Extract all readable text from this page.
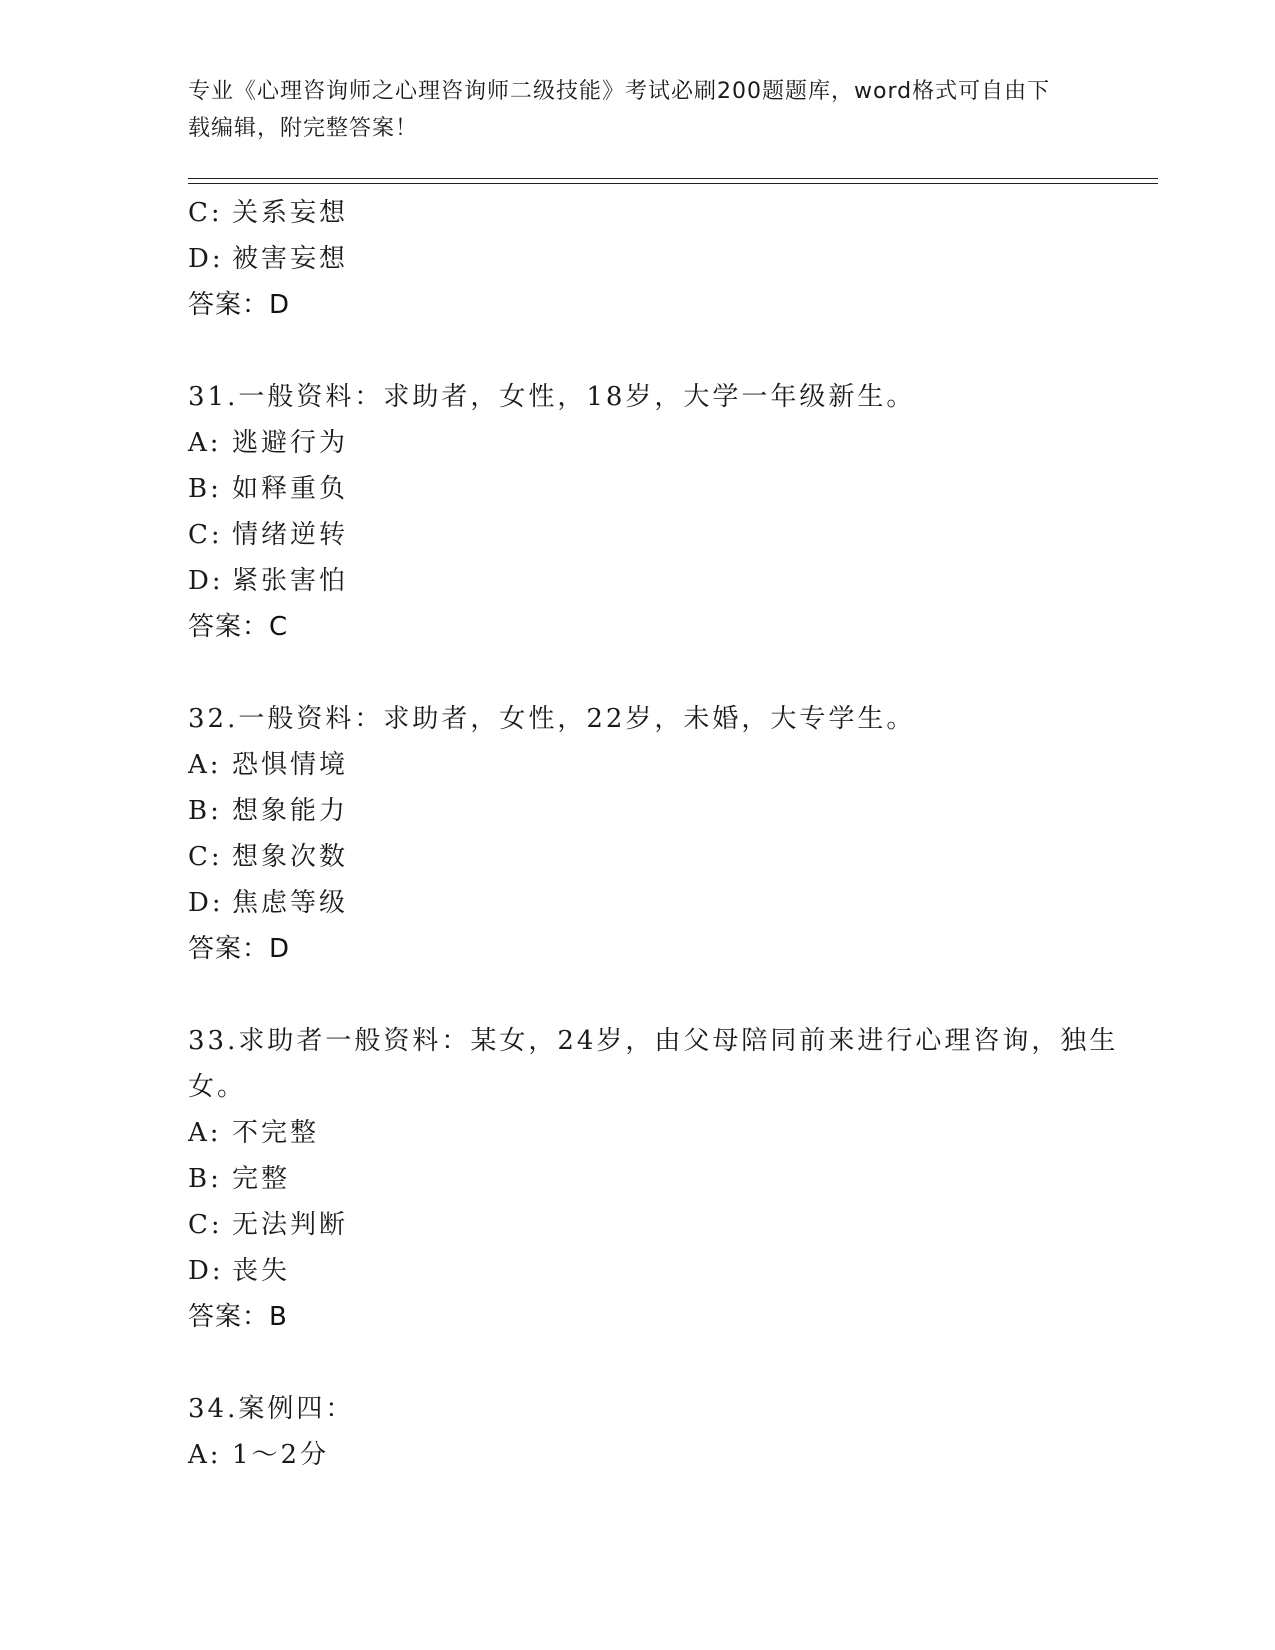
专业《心理咨询师之心理咨询师二级技能》考试必刷200题题库，word格式可自由下载编辑，附完整答案！
C: 关系妄想
D: 被害妄想
答案：D
31.一般资料：求助者，女性，18岁，大学一年级新生。
A: 逃避行为
B: 如释重负
C: 情绪逆转
D: 紧张害怕
答案：C
32.一般资料：求助者，女性，22岁，未婚，大专学生。
A: 恐惧情境
B: 想象能力
C: 想象次数
D: 焦虑等级
答案：D
33.求助者一般资料：某女，24岁，由父母陪同前来进行心理咨询，独生女。
A: 不完整
B: 完整
C: 无法判断
D: 丧失
答案：B
34.案例四：
A: 1～2分
